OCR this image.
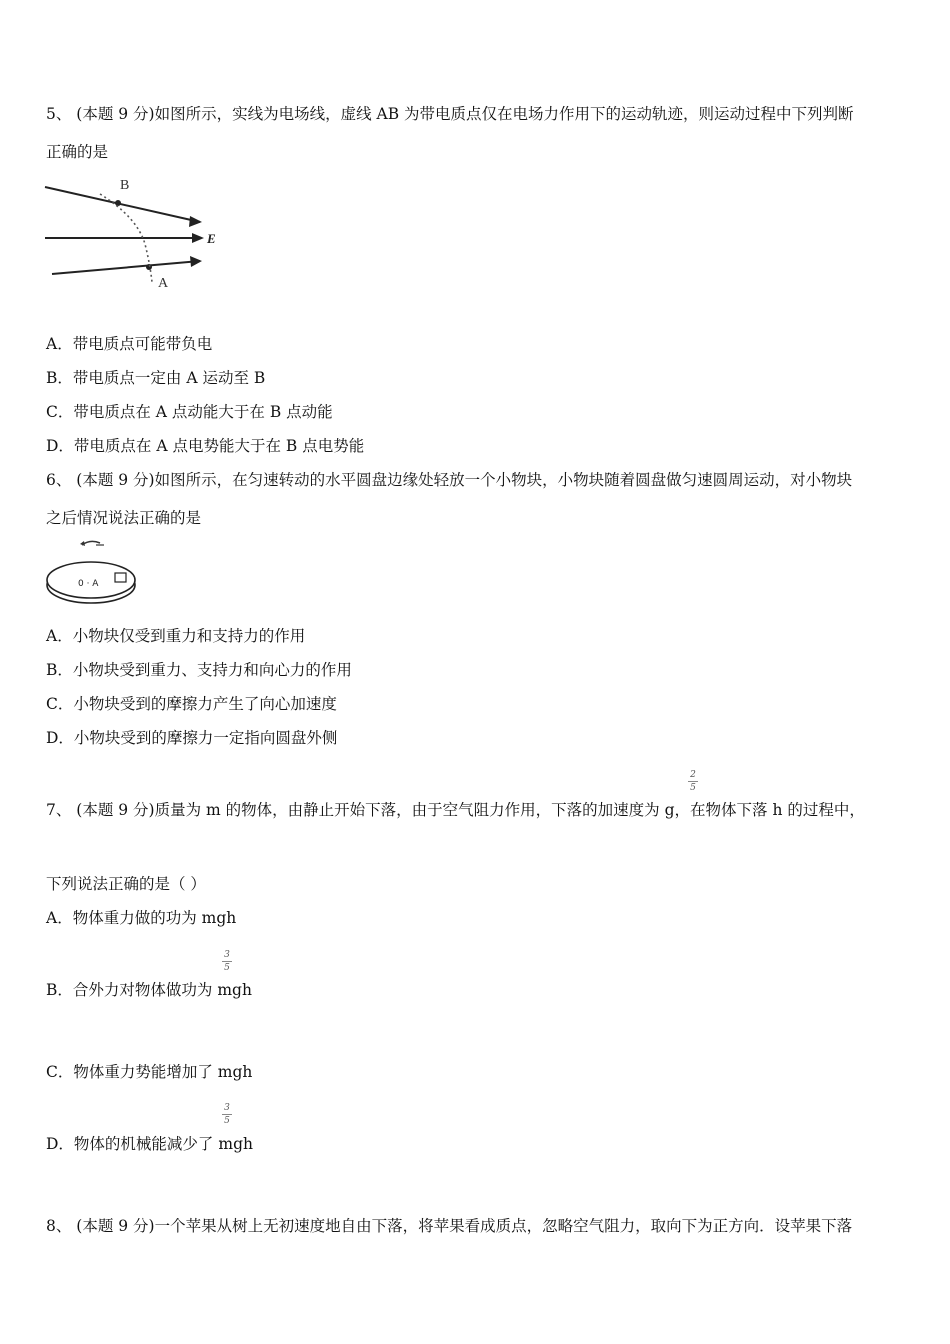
5、 (本题 9 分)如图所示，实线为电场线，虚线 AB 为带电质点仅在电场力作用下的运动轨迹，则运动过程中下列判断
正确的是
B
E
A
A．带电质点可能带负电
B．带电质点一定由 A 运动至 B
C．带电质点在 A 点动能大于在 B 点动能
D．带电质点在 A 点电势能大于在 B 点电势能
6、 (本题 9 分)如图所示，在匀速转动的水平圆盘边缘处轻放一个小物块，小物块随着圆盘做匀速圆周运动，对小物块
之后情况说法正确的是
0 · A
A．小物块仅受到重力和支持力的作用
B．小物块受到重力、支持力和向心力的作用
C．小物块受到的摩擦力产生了向心加速度
D．小物块受到的摩擦力一定指向圆盘外侧
2
5
7、 (本题 9 分)质量为 m 的物体，由静止开始下落，由于空气阻力作用，下落的加速度为 g，在物体下落 h 的过程中，
下列说法正确的是（ ）
A．物体重力做的功为 mgh
3
5
B．合外力对物体做功为 mgh
C．物体重力势能增加了 mgh
3
5
D．物体的机械能减少了 mgh
8、 (本题 9 分)一个苹果从树上无初速度地自由下落，将苹果看成质点，忽略空气阻力，取向下为正方向．设苹果下落
